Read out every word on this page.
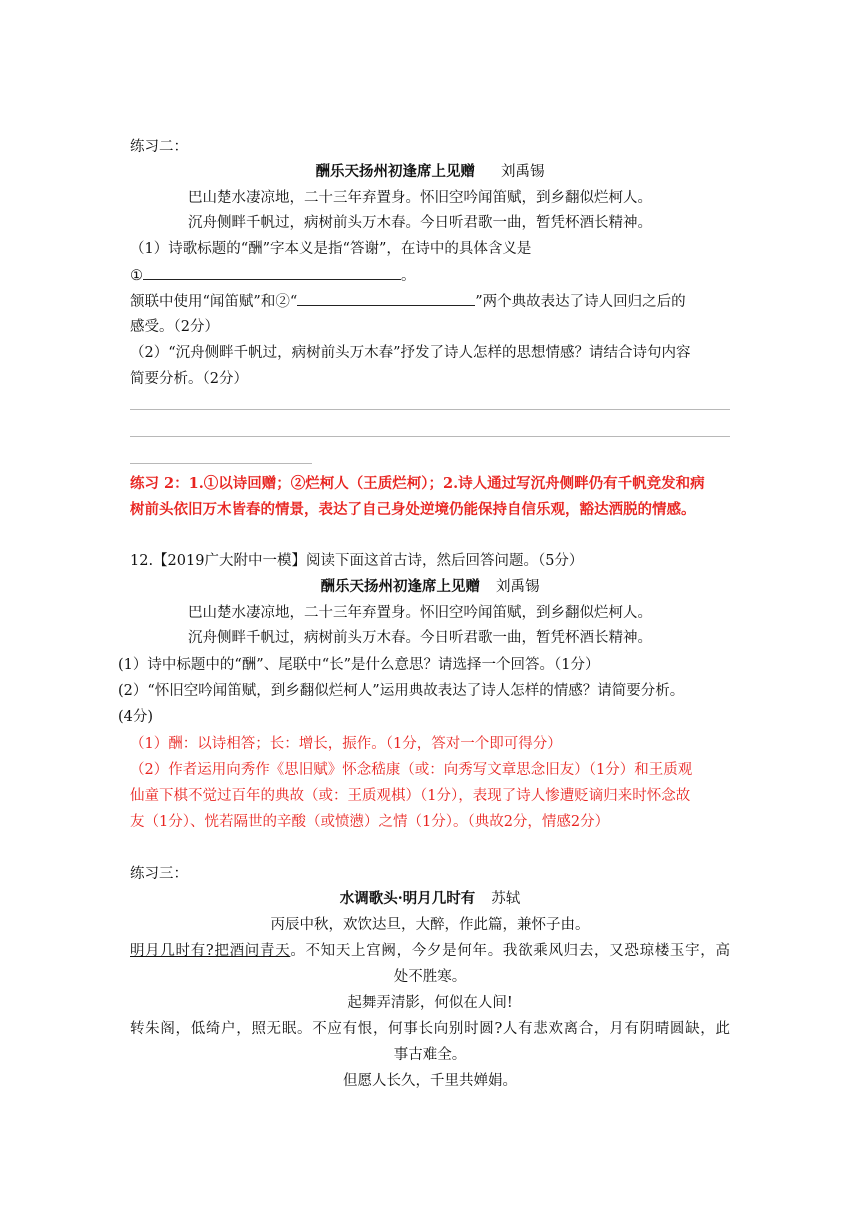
练习二：
酬乐天扬州初逢席上见赠 刘禹锡
巴山楚水凄凉地，二十三年弃置身。怀旧空吟闻笛赋，到乡翻似烂柯人。
沉舟侧畔千帆过，病树前头万木春。今日听君歌一曲，暂凭杯酒长精神。
（1）诗歌标题的“酬”字本义是指“答谢”，在诗中的具体含义是
①	。
颔联中使用“闻笛赋”和②“	”两个典故表达了诗人回归之后的
感受。（2分）
（2）“沉舟侧畔千帆过，病树前头万木春”抒发了诗人怎样的思想情感？请结合诗句内容
简要分析。（2分）
练习 2：1.①以诗回赠；②烂柯人（王质烂柯）；2.诗人通过写沉舟侧畔仍有千帆竞发和病
树前头依旧万木皆春的情景，表达了自己身处逆境仍能保持自信乐观，豁达洒脱的情感。
12.【2019广大附中一模】阅读下面这首古诗，然后回答问题。（5分）
酬乐天扬州初逢席上见赠 刘禹锡
巴山楚水凄凉地，二十三年弃置身。怀旧空吟闻笛赋，到乡翻似烂柯人。
沉舟侧畔千帆过，病树前头万木春。今日听君歌一曲，暂凭杯酒长精神。
(1）诗中标题中的“酬”、尾联中“长”是什么意思？请选择一个回答。（1分）
(2）“怀旧空吟闻笛赋，到乡翻似烂柯人”运用典故表达了诗人怎样的情感？请简要分析。
(4分)
（1）酬：以诗相答；长：增长，振作。（1分，答对一个即可得分）
（2）作者运用向秀作《思旧赋》怀念嵇康（或：向秀写文章思念旧友）（1分）和王质观
仙童下棋不觉过百年的典故（或：王质观棋）（1分），表现了诗人惨遭贬谪归来时怀念故
友（1分）、恍若隔世的辛酸（或愤懑）之情（1分）。（典故2分，情感2分）
练习三：
水调歌头·明月几时有 苏轼
丙辰中秋，欢饮达旦，大醉，作此篇，兼怀子由。
明月几时有?把酒问青天。不知天上宫阙，今夕是何年。我欲乘风归去，又恐琼楼玉宇，高
处不胜寒。
起舞弄清影，何似在人间!
转朱阁，低绮户，照无眠。不应有恨，何事长向别时圆?人有悲欢离合，月有阴晴圆缺，此
事古难全。
但愿人长久，千里共婵娟。
